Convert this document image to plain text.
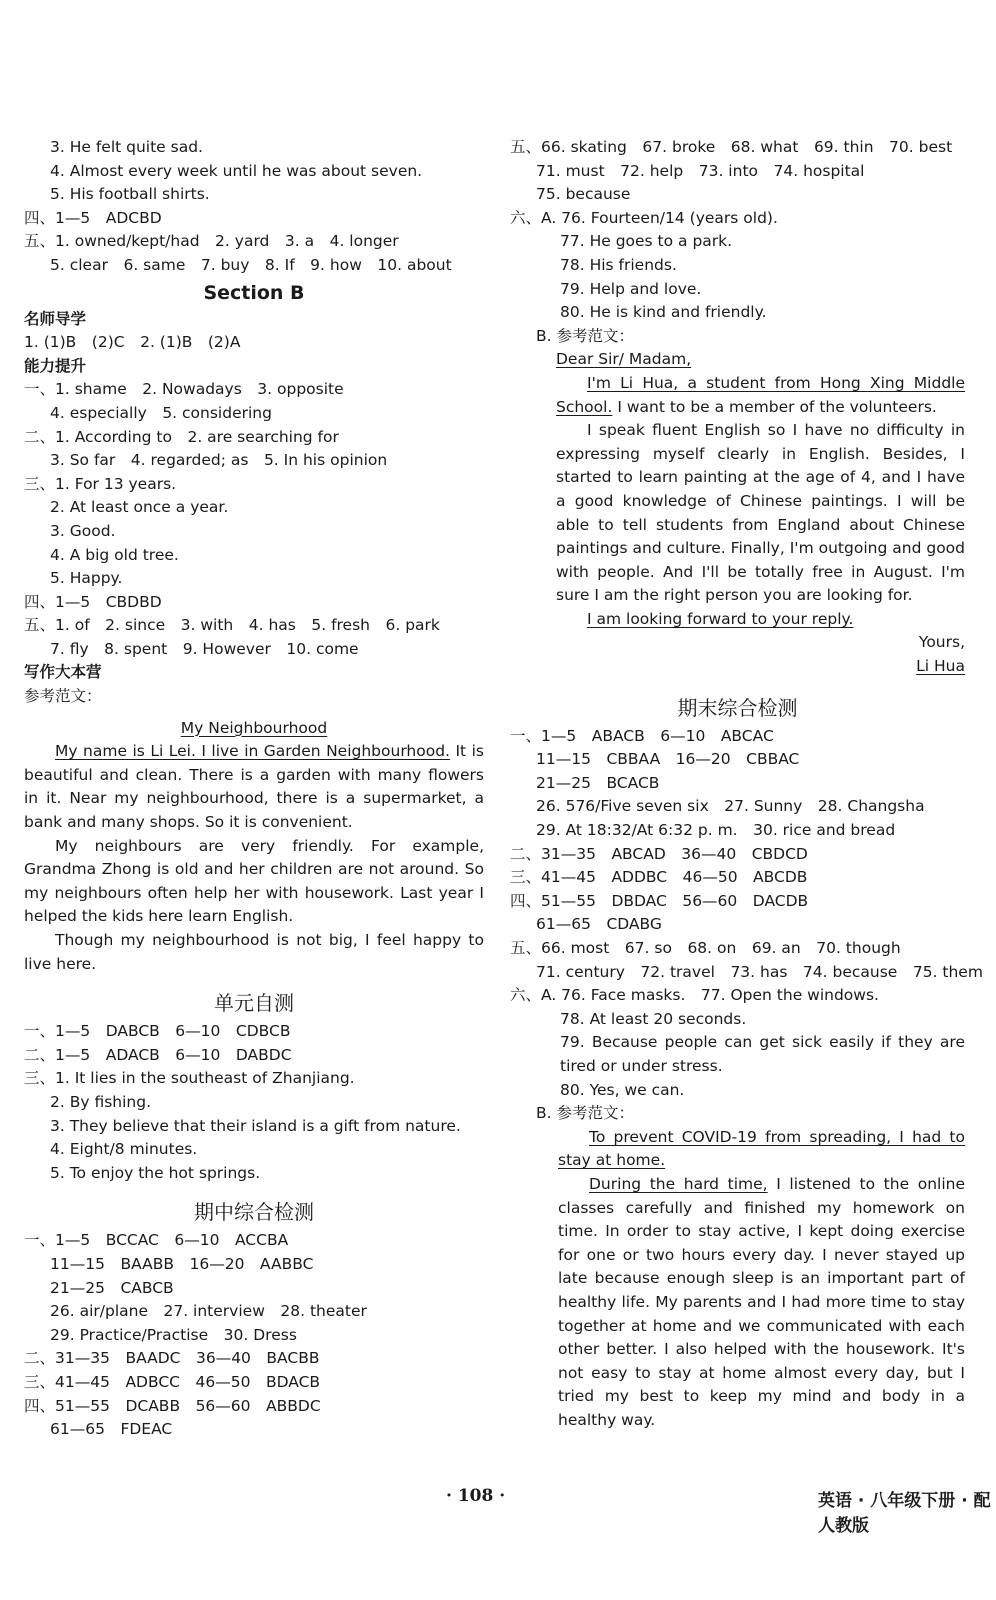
3. He felt quite sad.
4. Almost every week until he was about seven.
5. His football shirts.
四、1—5　ADCBD
五、1. owned/kept/had　2. yard　3. a　4. longer
5. clear　6. same　7. buy　8. If　9. how　10. about
Section B
名师导学
1. (1)B　(2)C　2. (1)B　(2)A
能力提升
一、1. shame　2. Nowadays　3. opposite
4. especially　5. considering
二、1. According to　2. are searching for
3. So far　4. regarded; as　5. In his opinion
三、1. For 13 years.
2. At least once a year.
3. Good.
4. A big old tree.
5. Happy.
四、1—5　CBDBD
五、1. of　2. since　3. with　4. has　5. fresh　6. park
7. fly　8. spent　9. However　10. come
写作大本营
参考范文：
My Neighbourhood

My name is Li Lei. I live in Garden Neighbourhood. It is beautiful and clean. There is a garden with many flowers in it. Near my neighbourhood, there is a supermarket, a bank and many shops. So it is convenient.

My neighbours are very friendly. For example, Grandma Zhong is old and her children are not around. So my neighbours often help her with housework. Last year I helped the kids here learn English.

Though my neighbourhood is not big, I feel happy to live here.

单元自测
一、1—5　DABCB　6—10　CDBCB
二、1—5　ADACB　6—10　DABDC
三、1. It lies in the southeast of Zhanjiang.
2. By fishing.
3. They believe that their island is a gift from nature.
4. Eight/8 minutes.
5. To enjoy the hot springs.
期中综合检测
一、1—5　BCCAC　6—10　ACCBA
11—15　BAABB　16—20　AABBC
21—25　CABCB
26. air/plane　27. interview　28. theater
29. Practice/Practise　30. Dress
二、31—35　BAADC　36—40　BACBB
三、41—45　ADBCC　46—50　BDACB
四、51—55　DCABB　56—60　ABBDC
61—65　FDEAC
五、66. skating　67. broke　68. what　69. thin　70. best
71. must　72. help　73. into　74. hospital
75. because
六、A. 76. Fourteen/14 (years old).
77. He goes to a park.
78. His friends.
79. Help and love.
80. He is kind and friendly.
B. 参考范文：
Dear Sir/ Madam,

I'm Li Hua, a student from Hong Xing Middle School. I want to be a member of the volunteers.

I speak fluent English so I have no difficulty in expressing myself clearly in English. Besides, I started to learn painting at the age of 4, and I have a good knowledge of Chinese paintings. I will be able to tell students from England about Chinese paintings and culture. Finally, I'm outgoing and good with people. And I'll be totally free in August. I'm sure I am the right person you are looking for.

I am looking forward to your reply.

Yours,
Li Hua
期末综合检测
一、1—5　ABACB　6—10　ABCAC
11—15　CBBAA　16—20　CBBAC
21—25　BCACB
26. 576/Five seven six　27. Sunny　28. Changsha
29. At 18:32/At 6:32 p. m.　30. rice and bread
二、31—35　ABCAD　36—40　CBDCD
三、41—45　ADDBC　46—50　ABCDB
四、51—55　DBDAC　56—60　DACDB
61—65　CDABG
五、66. most　67. so　68. on　69. an　70. though
71. century　72. travel　73. has　74. because　75. them
六、A. 76. Face masks.　77. Open the windows.
78. At least 20 seconds.

79. Because people can get sick easily if they are tired or under stress.

80. Yes, we can.
B. 参考范文：

To prevent COVID-19 from spreading, I had to stay at home.

During the hard time, I listened to the online classes carefully and finished my homework on time. In order to stay active, I kept doing exercise for one or two hours every day. I never stayed up late because enough sleep is an important part of healthy life. My parents and I had more time to stay together at home and we communicated with each other better. I also helped with the housework. It's not easy to stay at home almost every day, but I tried my best to keep my mind and body in a healthy way.

· 108 ·	英语 · 八年级下册 · 配人教版
